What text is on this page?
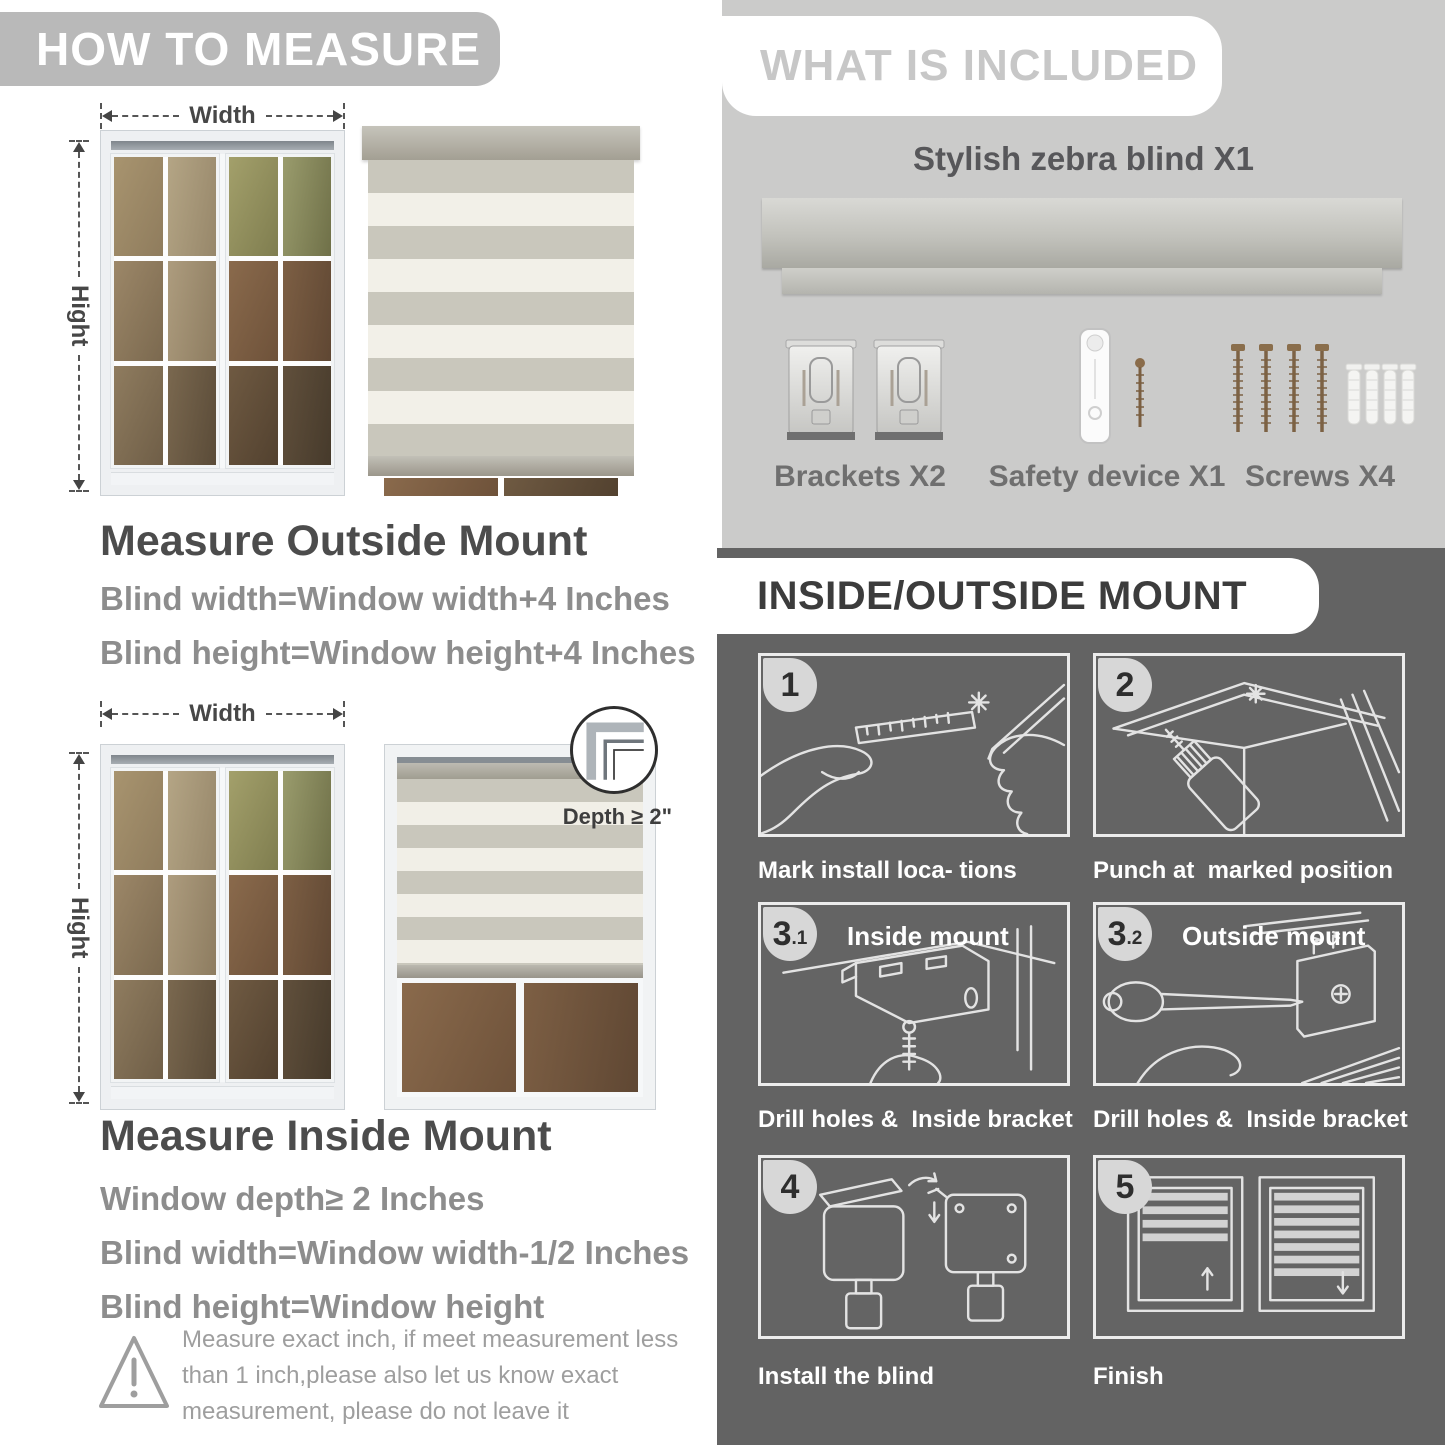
HOW TO MEASURE
Width
Hight
Measure Outside Mount
Blind width=Window width+4 Inches
Blind height=Window height+4 Inches
Width
Hight
Depth ≥ 2"
Measure Inside Mount
Window depth≥ 2 Inches
Blind width=Window width-1/2 Inches
Blind height=Window height
Measure exact inch, if meet measurement less
than 1 inch,please also let us know exact
measurement, please do not leave it
WHAT IS INCLUDED
Stylish zebra blind X1
Brackets X2	Safety device X1 Screws X4
INSIDE/OUTSIDE MOUNT
1
Mark install loca- tions
2
Punch at  marked position
3 .1 Inside mount
Drill holes &  Inside bracket
3 .2 Outside mount
Drill holes &  Inside bracket
4
Install the blind
5
Finish
